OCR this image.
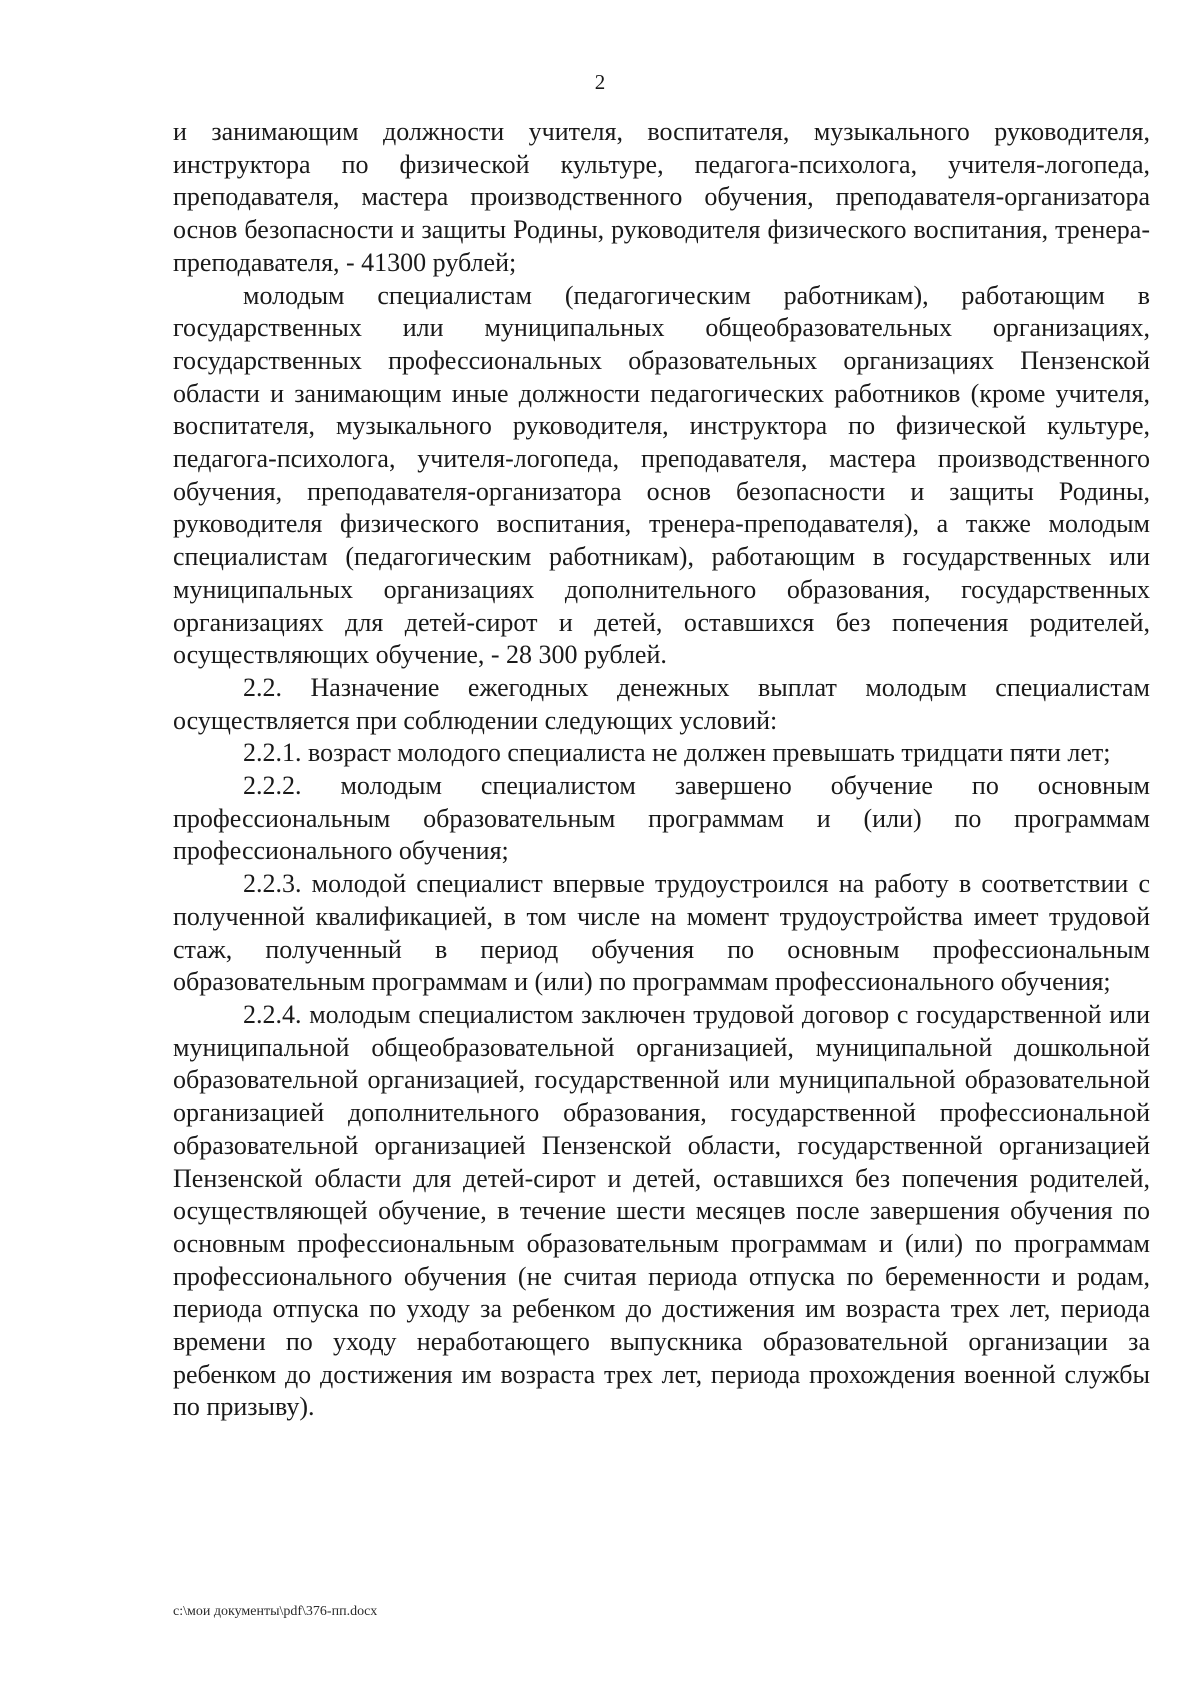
2

и занимающим должности учителя, воспитателя, музыкального руководителя, инструктора по физической культуре, педагога-психолога, учителя-логопеда, преподавателя, мастера производственного обучения, преподавателя-организатора основ безопасности и защиты Родины, руководителя физического воспитания, тренера-преподавателя, - 41300 рублей;

молодым специалистам (педагогическим работникам), работающим в государственных или муниципальных общеобразовательных организациях, государственных профессиональных образовательных организациях Пензенской области и занимающим иные должности педагогических работников (кроме учителя, воспитателя, музыкального руководителя, инструктора по физической культуре, педагога-психолога, учителя-логопеда, преподавателя, мастера производственного обучения, преподавателя-организатора основ безопасности и защиты Родины, руководителя физического воспитания, тренера-преподавателя), а также молодым специалистам (педагогическим работникам), работающим в государственных или муниципальных организациях дополнительного образования, государственных организациях для детей-сирот и детей, оставшихся без попечения родителей, осуществляющих обучение, - 28 300 рублей.

2.2. Назначение ежегодных денежных выплат молодым специалистам осуществляется при соблюдении следующих условий:

2.2.1. возраст молодого специалиста не должен превышать тридцати пяти лет;

2.2.2. молодым специалистом завершено обучение по основным профессиональным образовательным программам и (или) по программам профессионального обучения;

2.2.3. молодой специалист впервые трудоустроился на работу в соответствии с полученной квалификацией, в том числе на момент трудоустройства имеет трудовой стаж, полученный в период обучения по основным профессиональным образовательным программам и (или) по программам профессионального обучения;

2.2.4. молодым специалистом заключен трудовой договор с государственной или муниципальной общеобразовательной организацией, муниципальной дошкольной образовательной организацией, государственной или муниципальной образовательной организацией дополнительного образования, государственной профессиональной образовательной организацией Пензенской области, государственной организацией Пензенской области для детей-сирот и детей, оставшихся без попечения родителей, осуществляющей обучение, в течение шести месяцев после завершения обучения по основным профессиональным образовательным программам и (или) по программам профессионального обучения (не считая периода отпуска по беременности и родам, периода отпуска по уходу за ребенком до достижения им возраста трех лет, периода времени по уходу неработающего выпускника образовательной организации за ребенком до достижения им возраста трех лет, периода прохождения военной службы по призыву).

c:\мои документы\pdf\376-пп.docx
